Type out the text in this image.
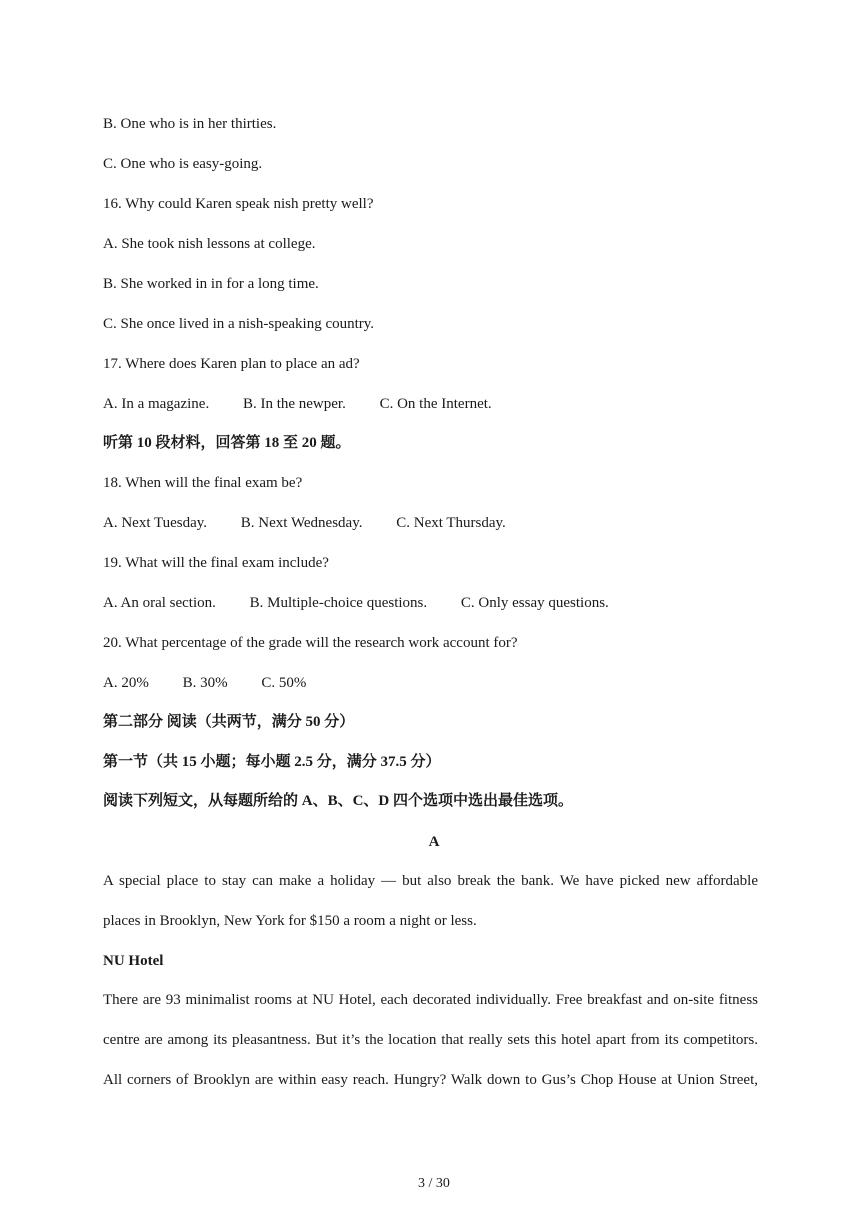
B. One who is in her thirties.
C. One who is easy-going.
16. Why could Karen speak nish pretty well?
A. She took nish lessons at college.
B. She worked in in for a long time.
C. She once lived in a nish-speaking country.
17. Where does Karen plan to place an ad?
A. In a magazine. B. In the newper. C. On the Internet.
听第 10 段材料，回答第 18 至 20 题。
18. When will the final exam be?
A. Next Tuesday. B. Next Wednesday. C. Next Thursday.
19. What will the final exam include?
A. An oral section. B. Multiple-choice questions. C. Only essay questions.
20. What percentage of the grade will the research work account for?
A. 20% B. 30% C. 50%
第二部分 阅读（共两节，满分 50 分）
第一节（共 15 小题；每小题 2.5 分，满分 37.5 分）
阅读下列短文，从每题所给的 A、B、C、D 四个选项中选出最佳选项。
A
A special place to stay can make a holiday — but also break the bank. We have picked new affordable
places in Brooklyn, New York for $150 a room a night or less.
NU Hotel
There are 93 minimalist rooms at NU Hotel, each decorated individually. Free breakfast and on-site fitness
centre are among its pleasantness. But it’s the location that really sets this hotel apart from its competitors.
All corners of Brooklyn are within easy reach. Hungry? Walk down to Gus’s Chop House at Union Street,
3 / 30
